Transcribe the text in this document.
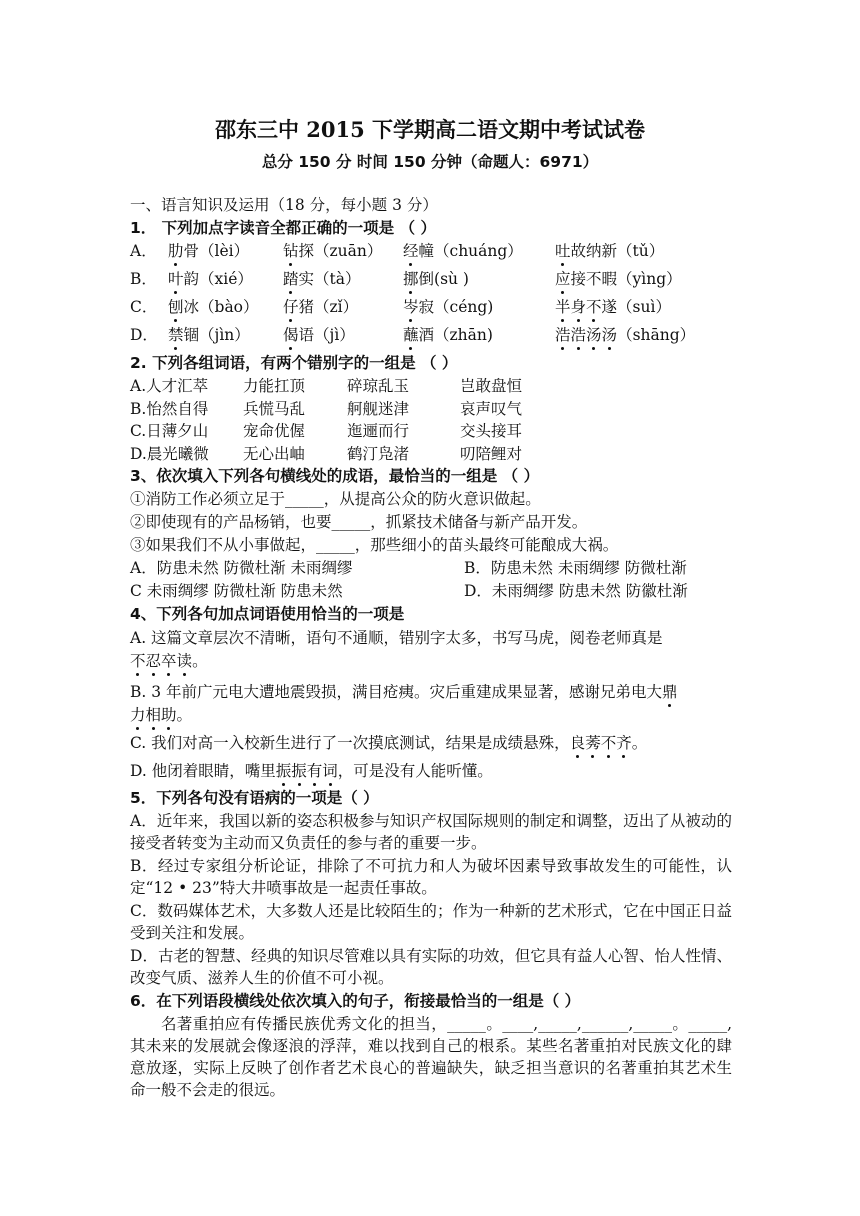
邵东三中 2015 下学期高二语文期中考试试卷
总分 150 分 时间 150 分钟（命题人：6971）
一、语言知识及运用（18 分，每小题 3 分）
1． 下列加点字读音全都正确的一项是 （ ）
A． 肋骨（lèi） 钻探（zuān） 经幢（chuáng） 吐故纳新（tǔ）
B． 叶韵（xié） 踏实（tà）	挪倒(sù )	应接不暇（yìng）
C． 刨冰（bào） 仔猪（zǐ）	岑寂（céng)	半身不遂（suì）
D． 禁锢（jìn） 偈语（jì）	蘸酒（zhān)	浩浩汤汤（shāng）
2. 下列各组词语，有两个错别字的一组是 （ ）
A.人才汇萃 力能扛顶	碎琼乱玉	岂敢盘恒
B.怡然自得 兵慌马乱	舸舰迷津	哀声叹气
C.日薄夕山 宠命优偓	迤逦而行	交头接耳
D.晨光曦微 无心出岫	鹤汀凫渚	叨陪鲤对
3、依次填入下列各句横线处的成语，最恰当的一组是 （ ）
①消防工作必须立足于_____，从提高公众的防火意识做起。
②即使现有的产品杨销，也要_____，抓紧技术储备与新产品开发。
③如果我们不从小事做起，_____，那些细小的苗头最终可能酿成大祸。
A．防患未然 防微杜渐 未雨绸缪	B．防患未然 未雨绸缪 防微杜渐
C 未雨绸缪 防微杜渐 防患未然	D．未雨绸缪 防患未然 防徽杜渐
4、下列各句加点词语使用恰当的一项是
A. 这篇文章层次不清晰，语句不通顺，错别字太多，书写马虎，阅卷老师真是
不忍卒读。
B. 3 年前广元电大遭地震毁损，满目疮痍。灾后重建成果显著，感谢兄弟电大鼎
力相助。
C. 我们对高一入校新生进行了一次摸底测试，结果是成绩悬殊，良莠不齐。
D. 他闭着眼睛，嘴里振振有词，可是没有人能听懂。
5．下列各句没有语病的一项是（ ）
A．近年来，我国以新的姿态积极参与知识产权国际规则的制定和调整，迈出了从被动的接受者转变为主动而又负责任的参与者的重要一步。
B．经过专家组分析论证，排除了不可抗力和人为破坏因素导致事故发生的可能性，认定“12 • 23”特大井喷事故是一起责任事故。
C．数码媒体艺术，大多数人还是比较陌生的；作为一种新的艺术形式，它在中国正日益受到关注和发展。
D．古老的智慧、经典的知识尽管难以具有实际的功效，但它具有益人心智、怡人性情、改变气质、滋养人生的价值不可小视。
6．在下列语段横线处依次填入的句子，衔接最恰当的一组是（ ）
名著重拍应有传播民族优秀文化的担当，_____。____,_____,______,_____。_____,其未来的发展就会像逐浪的浮萍，难以找到自己的根系。某些名著重拍对民族文化的肆意放逐，实际上反映了创作者艺术良心的普遍缺失，缺乏担当意识的名著重拍其艺术生命一般不会走的很远。
